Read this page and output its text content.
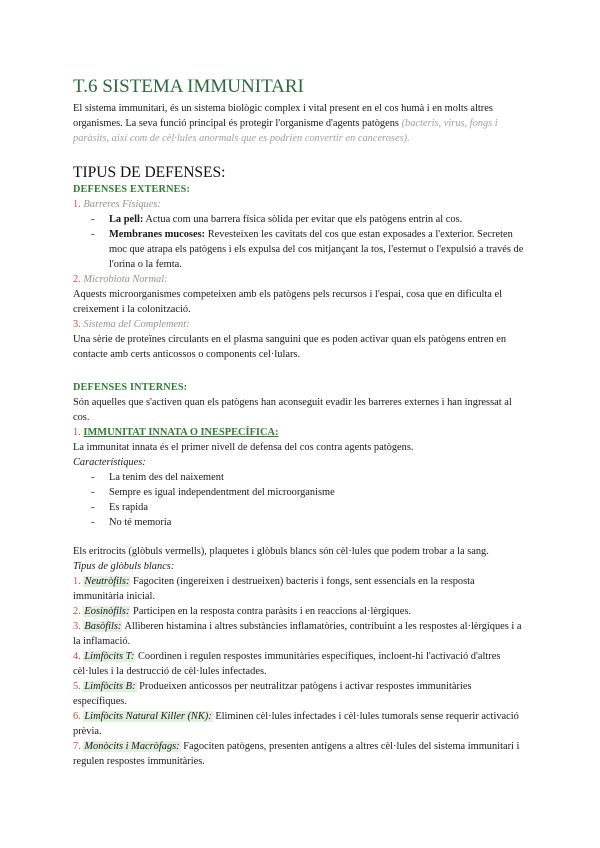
T.6 SISTEMA IMMUNITARI

El sistema immunitari, és un sistema biològic complex i vital present en el cos humà i en molts altres organismes. La seva funció principal és protegir l'organisme d'agents patògens (bacteris, virus, fongs i paràsits, així com de cèl·lules anormals que es podrien convertir en canceroses).

TIPUS DE DEFENSES:
DEFENSES EXTERNES:

1. Barreres Físiques:

- La pell: Actua com una barrera física sòlida per evitar que els patògens entrin al cos.
- Membranes mucoses: Revesteixen les cavitats del cos que estan exposades a l'exterior. Secreten moc que atrapa els patògens i els expulsa del cos mitjançant la tos, l'esternut o l'expulsió a través de l'orina o la femta.

2. Microbiota Normal:

Aquests microorganismes competeixen amb els patògens pels recursos i l'espai, cosa que en dificulta el creixement i la colonització.

3. Sistema del Complement:

Una sèrie de proteïnes circulants en el plasma sanguini que es poden activar quan els patògens entren en contacte amb certs anticossos o components cel·lulars.

DEFENSES INTERNES:

Són aquelles que s'activen quan els patògens han aconseguit evadir les barreres externes i han ingressat al cos.

1. IMMUNITAT INNATA O INESPECÍFICA:

La immunitat innata és el primer nivell de defensa del cos contra agents patògens.

Característiques:

- La tenim des del naixement
- Sempre es igual independentment del microorganisme
- Es rapida
- No té memoria

Els eritrocits (glòbuls vermells), plaquetes i glòbuls blancs són cèl·lules que podem trobar a la sang.

Tipus de glòbuls blancs:

1. Neutròfils: Fagociten (ingereixen i destrueixen) bacteris i fongs, sent essencials en la resposta immunitària inicial.

2. Eosinòfils: Participen en la resposta contra paràsits i en reaccions al·lèrgiques.

3. Basòfils: Alliberen histamina i altres substàncies inflamatòries, contribuint a les respostes al·lèrgiques i a la inflamació.

4. Limfòcits T: Coordinen i regulen respostes immunitàries específiques, incloent-hi l'activació d'altres cèl·lules i la destrucció de cèl·lules infectades.

5. Limfòcits B: Produeixen anticossos per neutralitzar patògens i activar respostes immunitàries específiques.

6. Limfòcits Natural Killer (NK): Eliminen cèl·lules infectades i cèl·lules tumorals sense requerir activació prèvia.

7. Monòcits i Macròfags: Fagociten patògens, presenten antígens a altres cèl·lules del sistema immunitari i regulen respostes immunitàries.
